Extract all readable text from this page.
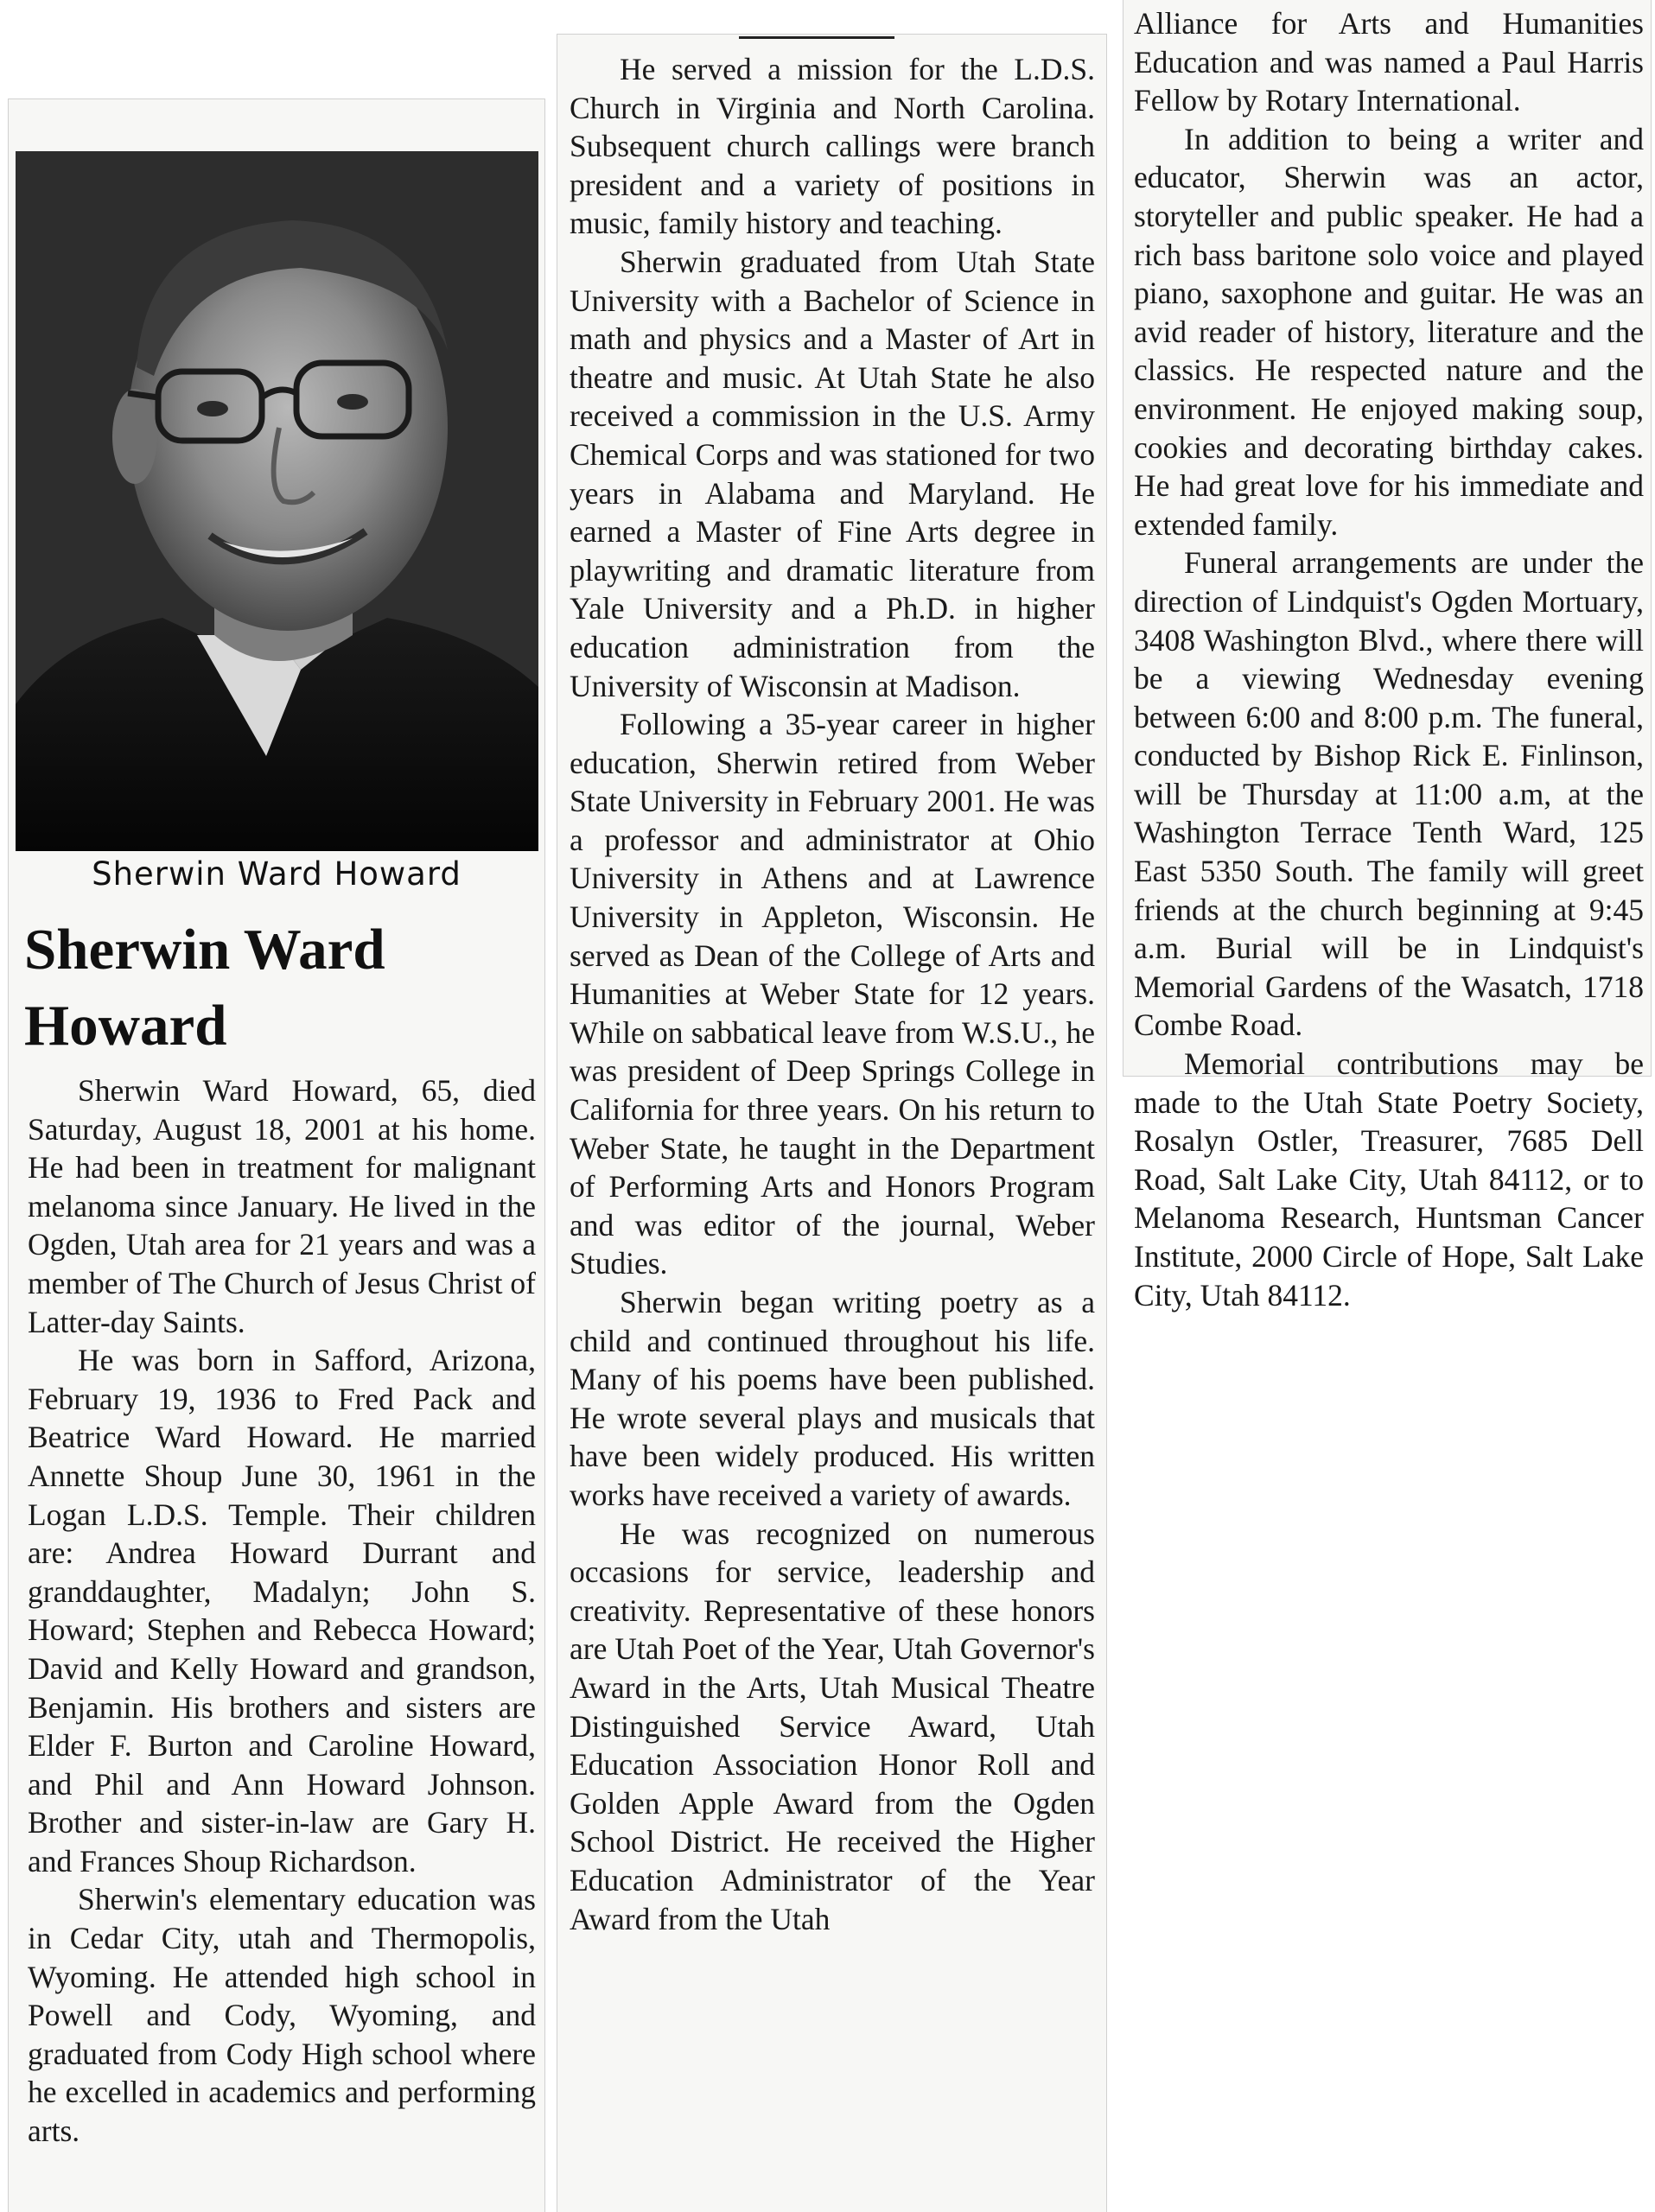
Sherwin Ward Howard
Sherwin Ward Howard

Sherwin Ward Howard, 65, died Saturday, August 18, 2001 at his home. He had been in treatment for malignant melanoma since January. He lived in the Ogden, Utah area for 21 years and was a member of The Church of Jesus Christ of Latter-day Saints.

He was born in Safford, Arizona, February 19, 1936 to Fred Pack and Beatrice Ward Howard. He married Annette Shoup June 30, 1961 in the Logan L.D.S. Temple. Their children are: Andrea Howard Durrant and granddaughter, Madalyn; John S. Howard; Stephen and Rebecca Howard; David and Kelly Howard and grandson, Benjamin. His brothers and sisters are Elder F. Burton and Caroline Howard, and Phil and Ann Howard Johnson. Brother and sister-in-law are Gary H. and Frances Shoup Richardson.

Sherwin's elementary education was in Cedar City, utah and Thermopolis, Wyoming. He attended high school in Powell and Cody, Wyoming, and graduated from Cody High school where he excelled in academics and performing arts.

He served a mission for the L.D.S. Church in Virginia and North Carolina. Subsequent church callings were branch president and a variety of positions in music, family history and teaching.

Sherwin graduated from Utah State University with a Bachelor of Science in math and physics and a Master of Art in theatre and music. At Utah State he also received a commission in the U.S. Army Chemical Corps and was stationed for two years in Alabama and Maryland. He earned a Master of Fine Arts degree in playwriting and dramatic literature from Yale University and a Ph.D. in higher education administration from the University of Wisconsin at Madison.

Following a 35-year career in higher education, Sherwin retired from Weber State University in February 2001. He was a professor and administrator at Ohio University in Athens and at Lawrence University in Appleton, Wisconsin. He served as Dean of the College of Arts and Humanities at Weber State for 12 years. While on sabbatical leave from W.S.U., he was president of Deep Springs College in California for three years. On his return to Weber State, he taught in the Department of Performing Arts and Honors Program and was editor of the journal, Weber Studies.

Sherwin began writing poetry as a child and continued throughout his life. Many of his poems have been published. He wrote several plays and musicals that have been widely produced. His written works have received a variety of awards.

He was recognized on numerous occasions for service, leadership and creativity. Representative of these honors are Utah Poet of the Year, Utah Governor's Award in the Arts, Utah Musical Theatre Distinguished Service Award, Utah Education Association Honor Roll and Golden Apple Award from the Ogden School District. He received the Higher Education Administrator of the Year Award from the Utah

Alliance for Arts and Humanities Education and was named a Paul Harris Fellow by Rotary International.

In addition to being a writer and educator, Sherwin was an actor, storyteller and public speaker. He had a rich bass baritone solo voice and played piano, saxophone and guitar. He was an avid reader of history, literature and the classics. He respected nature and the environment. He enjoyed making soup, cookies and decorating birthday cakes. He had great love for his immediate and extended family.

Funeral arrangements are under the direction of Lindquist's Ogden Mortuary, 3408 Washington Blvd., where there will be a viewing Wednesday evening between 6:00 and 8:00 p.m. The funeral, conducted by Bishop Rick E. Finlinson, will be Thursday at 11:00 a.m, at the Washington Terrace Tenth Ward, 125 East 5350 South. The family will greet friends at the church beginning at 9:45 a.m. Burial will be in Lindquist's Memorial Gardens of the Wasatch, 1718 Combe Road.

Memorial contributions may be made to the Utah State Poetry Society, Rosalyn Ostler, Treasurer, 7685 Dell Road, Salt Lake City, Utah 84112, or to Melanoma Research, Huntsman Cancer Institute, 2000 Circle of Hope, Salt Lake City, Utah 84112.
